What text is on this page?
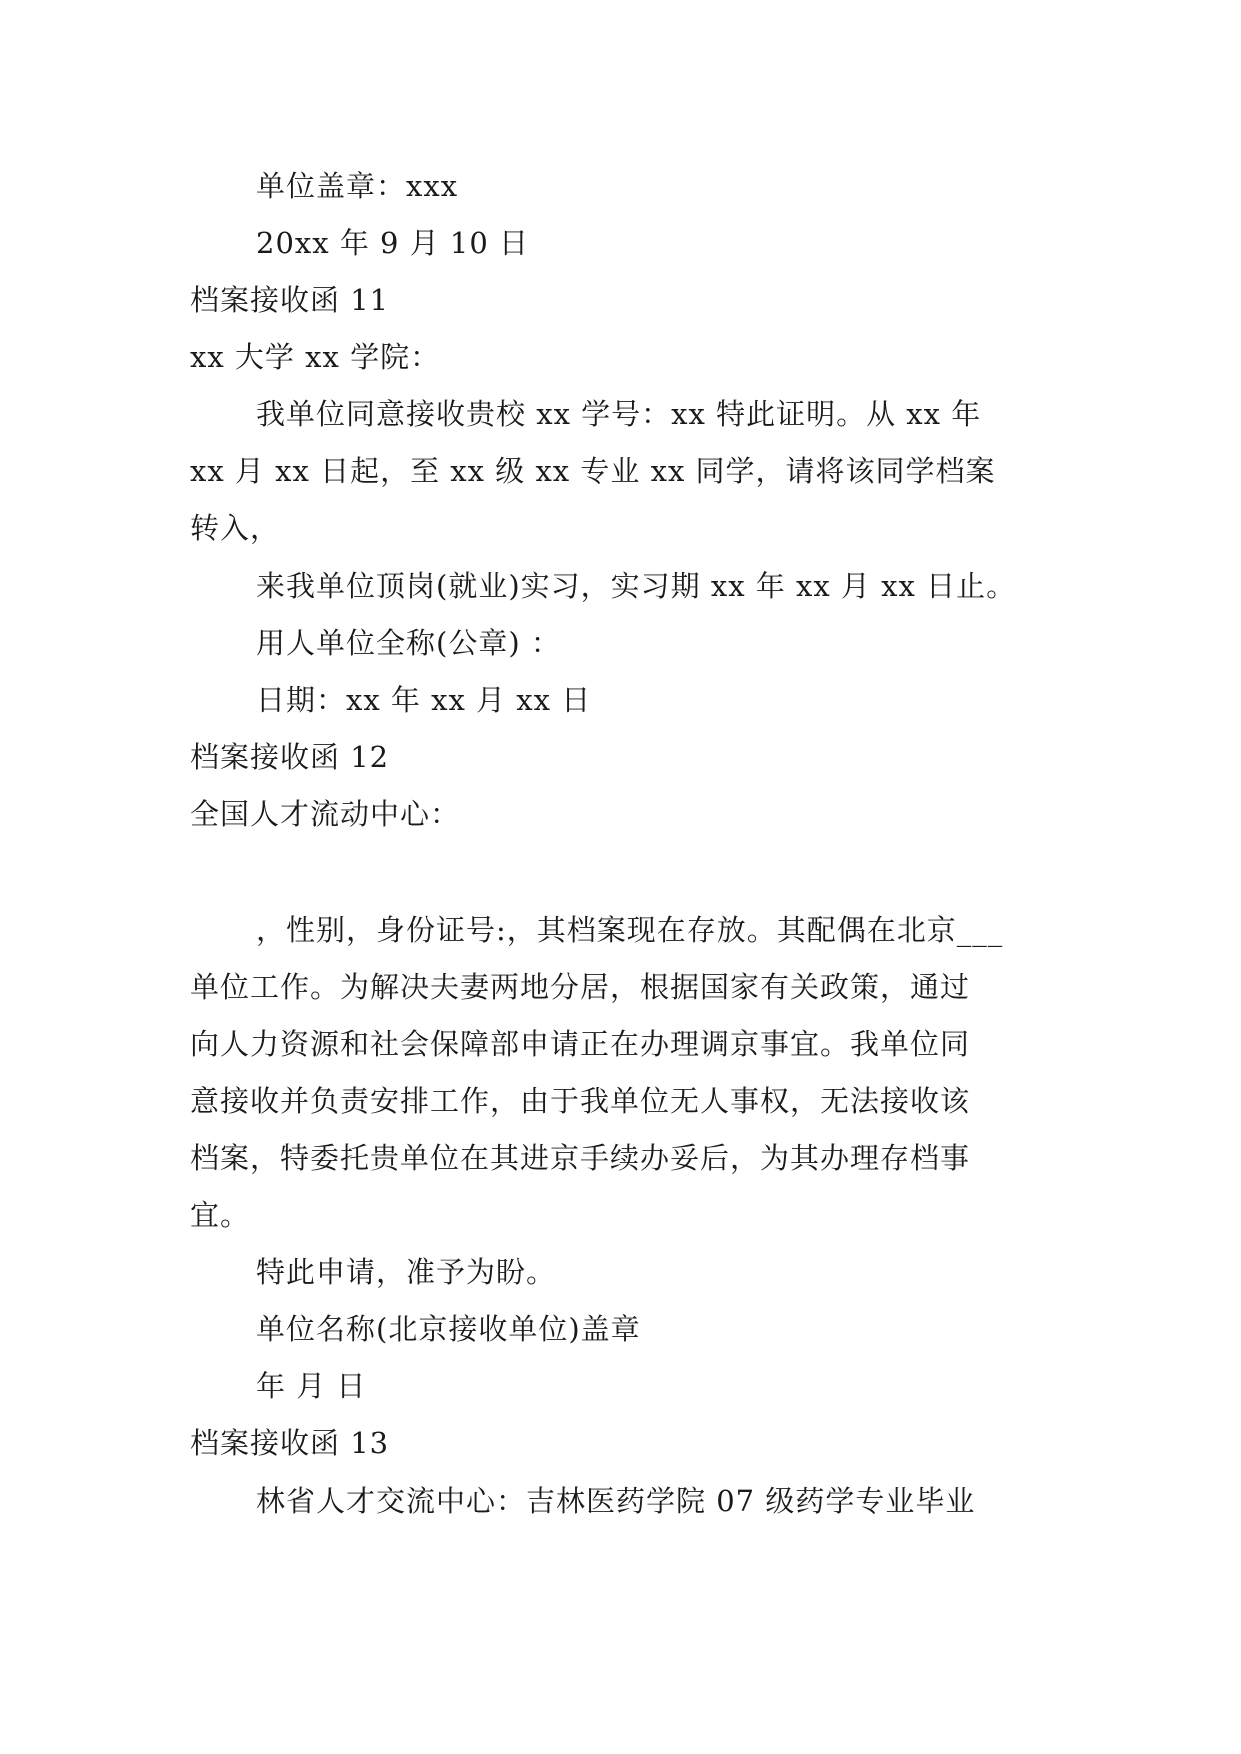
单位盖章：xxx
20xx 年 9 月 10 日
档案接收函 11
xx 大学 xx 学院：
我单位同意接收贵校 xx 学号：xx 特此证明。从 xx 年
xx 月 xx 日起，至 xx 级 xx 专业 xx 同学，请将该同学档案
转入，
来我单位顶岗(就业)实习，实习期 xx 年 xx 月 xx 日止。
用人单位全称(公章) ：
日期：xx 年 xx 月 xx 日
档案接收函 12
全国人才流动中心：
，性别，身份证号:，其档案现在存放。其配偶在北京___
单位工作。为解决夫妻两地分居，根据国家有关政策，通过
向人力资源和社会保障部申请正在办理调京事宜。我单位同
意接收并负责安排工作，由于我单位无人事权，无法接收该
档案，特委托贵单位在其进京手续办妥后，为其办理存档事
宜。
特此申请，准予为盼。
单位名称(北京接收单位)盖章
年 月 日
档案接收函 13
林省人才交流中心：吉林医药学院 07 级药学专业毕业
